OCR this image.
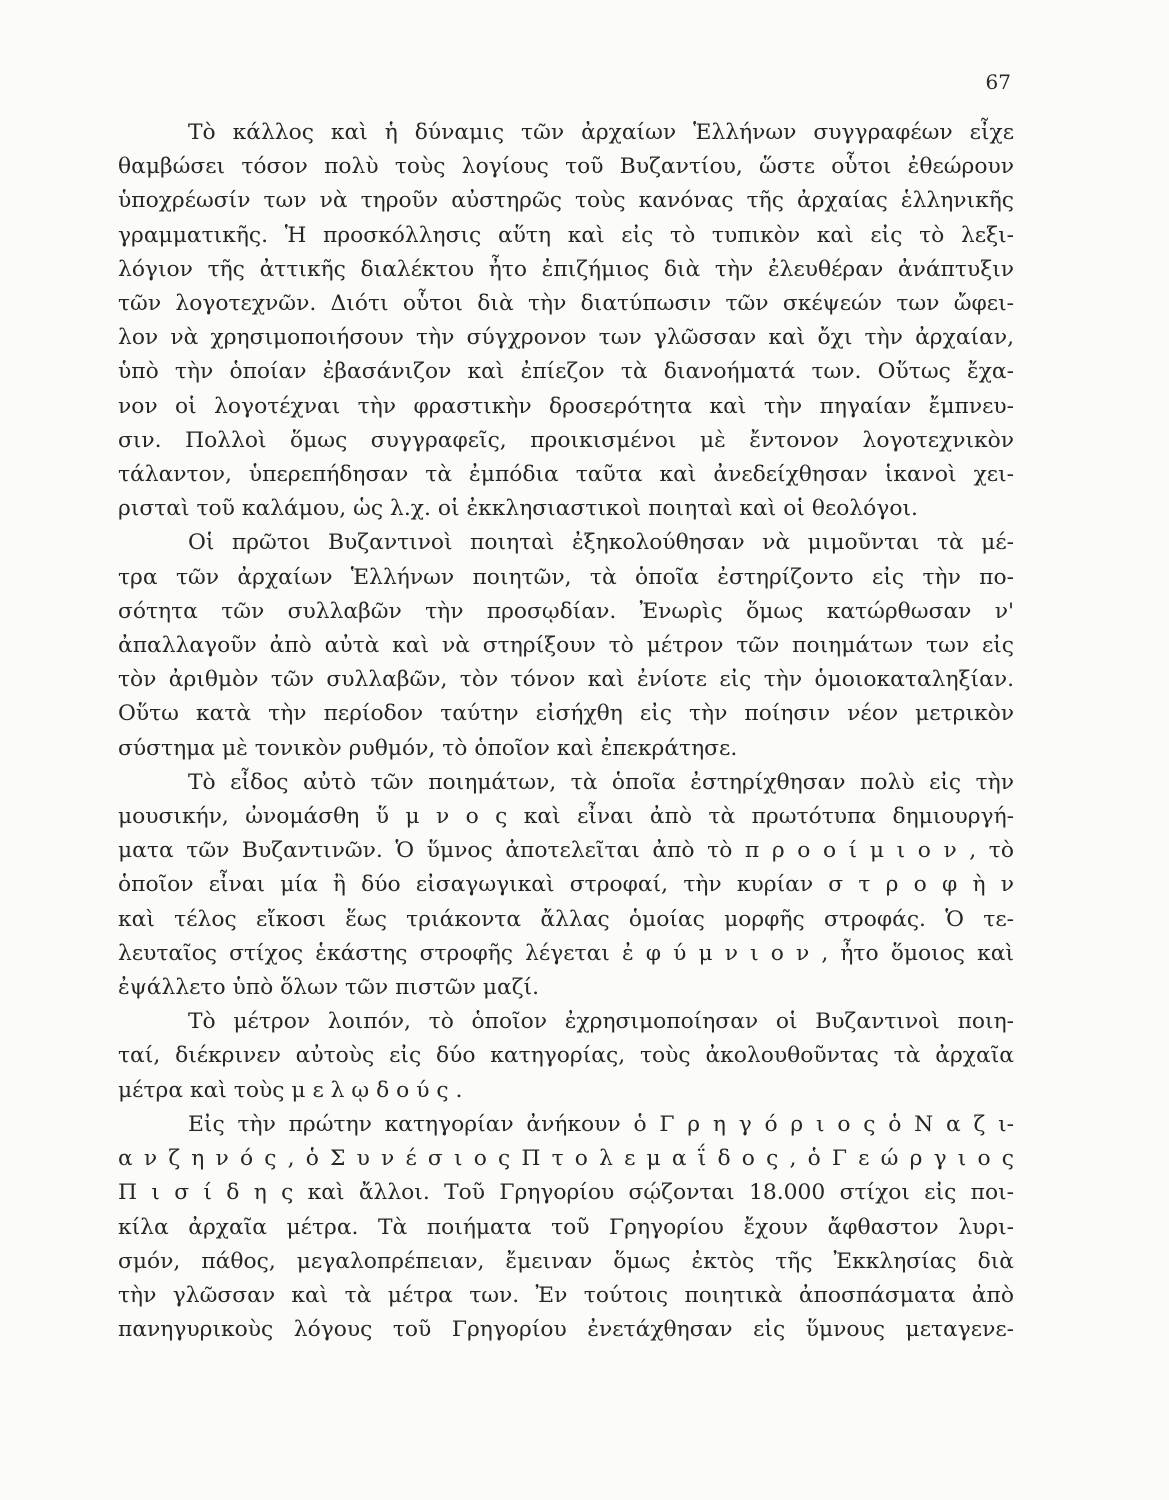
67

Τὸ κάλλος καὶ ἡ δύναμις τῶν ἀρχαίων Ἑλλήνων συγγραφέων εἶχε
θαμβώσει τόσον πολὺ τοὺς λογίους τοῦ Βυζαντίου, ὥστε οὗτοι ἐθεώρουν
ὑποχρέωσίν των νὰ τηροῦν αὐστηρῶς τοὺς κανόνας τῆς ἀρχαίας ἑλληνικῆς
γραμματικῆς. Ἡ προσκόλλησις αὕτη καὶ εἰς τὸ τυπικὸν καὶ εἰς τὸ λεξι-
λόγιον τῆς ἀττικῆς διαλέκτου ἦτο ἐπιζήμιος διὰ τὴν ἐλευθέραν ἀνάπτυξιν
τῶν λογοτεχνῶν. Διότι οὗτοι διὰ τὴν διατύπωσιν τῶν σκέψεών των ὤφει-
λον νὰ χρησιμοποιήσουν τὴν σύγχρονον των γλῶσσαν καὶ ὄχι τὴν ἀρχαίαν,
ὑπὸ τὴν ὁποίαν ἐβασάνιζον καὶ ἐπίεζον τὰ διανοήματά των. Οὕτως ἔχα-
νον οἱ λογοτέχναι τὴν φραστικὴν δροσερότητα καὶ τὴν πηγαίαν ἔμπνευ-
σιν. Πολλοὶ ὅμως συγγραφεῖς, προικισμένοι μὲ ἔντονον λογοτεχνικὸν
τάλαντον, ὑπερεπήδησαν τὰ ἐμπόδια ταῦτα καὶ ἀνεδείχθησαν ἱκανοὶ χει-
ρισταὶ τοῦ καλάμου, ὡς λ.χ. οἱ ἐκκλησιαστικοὶ ποιηταὶ καὶ οἱ θεολόγοι.

Οἱ πρῶτοι Βυζαντινοὶ ποιηταὶ ἐξηκολούθησαν νὰ μιμοῦνται τὰ μέ-
τρα τῶν ἀρχαίων Ἑλλήνων ποιητῶν, τὰ ὁποῖα ἐστηρίζοντο εἰς τὴν πο-
σότητα τῶν συλλαβῶν τὴν προσῳδίαν. Ἐνωρὶς ὅμως κατώρθωσαν ν'
ἀπαλλαγοῦν ἀπὸ αὐτὰ καὶ νὰ στηρίξουν τὸ μέτρον τῶν ποιημάτων των εἰς
τὸν ἀριθμὸν τῶν συλλαβῶν, τὸν τόνον καὶ ἐνίοτε εἰς τὴν ὁμοιοκαταληξίαν.
Οὕτω κατὰ τὴν περίοδον ταύτην εἰσήχθη εἰς τὴν ποίησιν νέον μετρικὸν
σύστημα μὲ τονικὸν ρυθμόν, τὸ ὁποῖον καὶ ἐπεκράτησε.

Τὸ εἶδος αὐτὸ τῶν ποιημάτων, τὰ ὁποῖα ἐστηρίχθησαν πολὺ εἰς τὴν
μουσικήν, ὠνομάσθη ὕ μ ν ο ς καὶ εἶναι ἀπὸ τὰ πρωτότυπα δημιουργή-
ματα τῶν Βυζαντινῶν. Ὁ ὕμνος ἀποτελεῖται ἀπὸ τὸ π ρ ο ο ί μ ι ο ν , τὸ
ὁποῖον εἶναι μία ἢ δύο εἰσαγωγικαὶ στροφαί, τὴν κυρίαν σ τ ρ ο φ ὴ ν
καὶ τέλος εἴκοσι ἕως τριάκοντα ἄλλας ὁμοίας μορφῆς στροφάς. Ὁ τε-
λευταῖος στίχος ἑκάστης στροφῆς λέγεται ἐ φ ύ μ ν ι ο ν , ἦτο ὅμοιος καὶ
ἐψάλλετο ὑπὸ ὅλων τῶν πιστῶν μαζί.

Τὸ μέτρον λοιπόν, τὸ ὁποῖον ἐχρησιμοποίησαν οἱ Βυζαντινοὶ ποιη-
ταί, διέκρινεν αὐτοὺς εἰς δύο κατηγορίας, τοὺς ἀκολουθοῦντας τὰ ἀρχαῖα
μέτρα καὶ τοὺς μ ε λ ῳ δ ο ύ ς .

Εἰς τὴν πρώτην κατηγορίαν ἀνήκουν ὁ Γ ρ η γ ό ρ ι ο ς ὁ Ν α ζ ι-
α ν ζ η ν ό ς , ὁ Σ υ ν έ σ ι ο ς Π τ ο λ ε μ α ΐ δ ο ς , ὁ Γ ε ώ ρ γ ι ο ς
Π ι σ ί δ η ς καὶ ἄλλοι. Τοῦ Γρηγορίου σῴζονται 18.000 στίχοι εἰς ποι-
κίλα ἀρχαῖα μέτρα. Τὰ ποιήματα τοῦ Γρηγορίου ἔχουν ἄφθαστον λυρι-
σμόν, πάθος, μεγαλοπρέπειαν, ἔμειναν ὅμως ἐκτὸς τῆς Ἐκκλησίας διὰ
τὴν γλῶσσαν καὶ τὰ μέτρα των. Ἐν τούτοις ποιητικὰ ἀποσπάσματα ἀπὸ
πανηγυρικοὺς λόγους τοῦ Γρηγορίου ἐνετάχθησαν εἰς ὕμνους μεταγενε-
